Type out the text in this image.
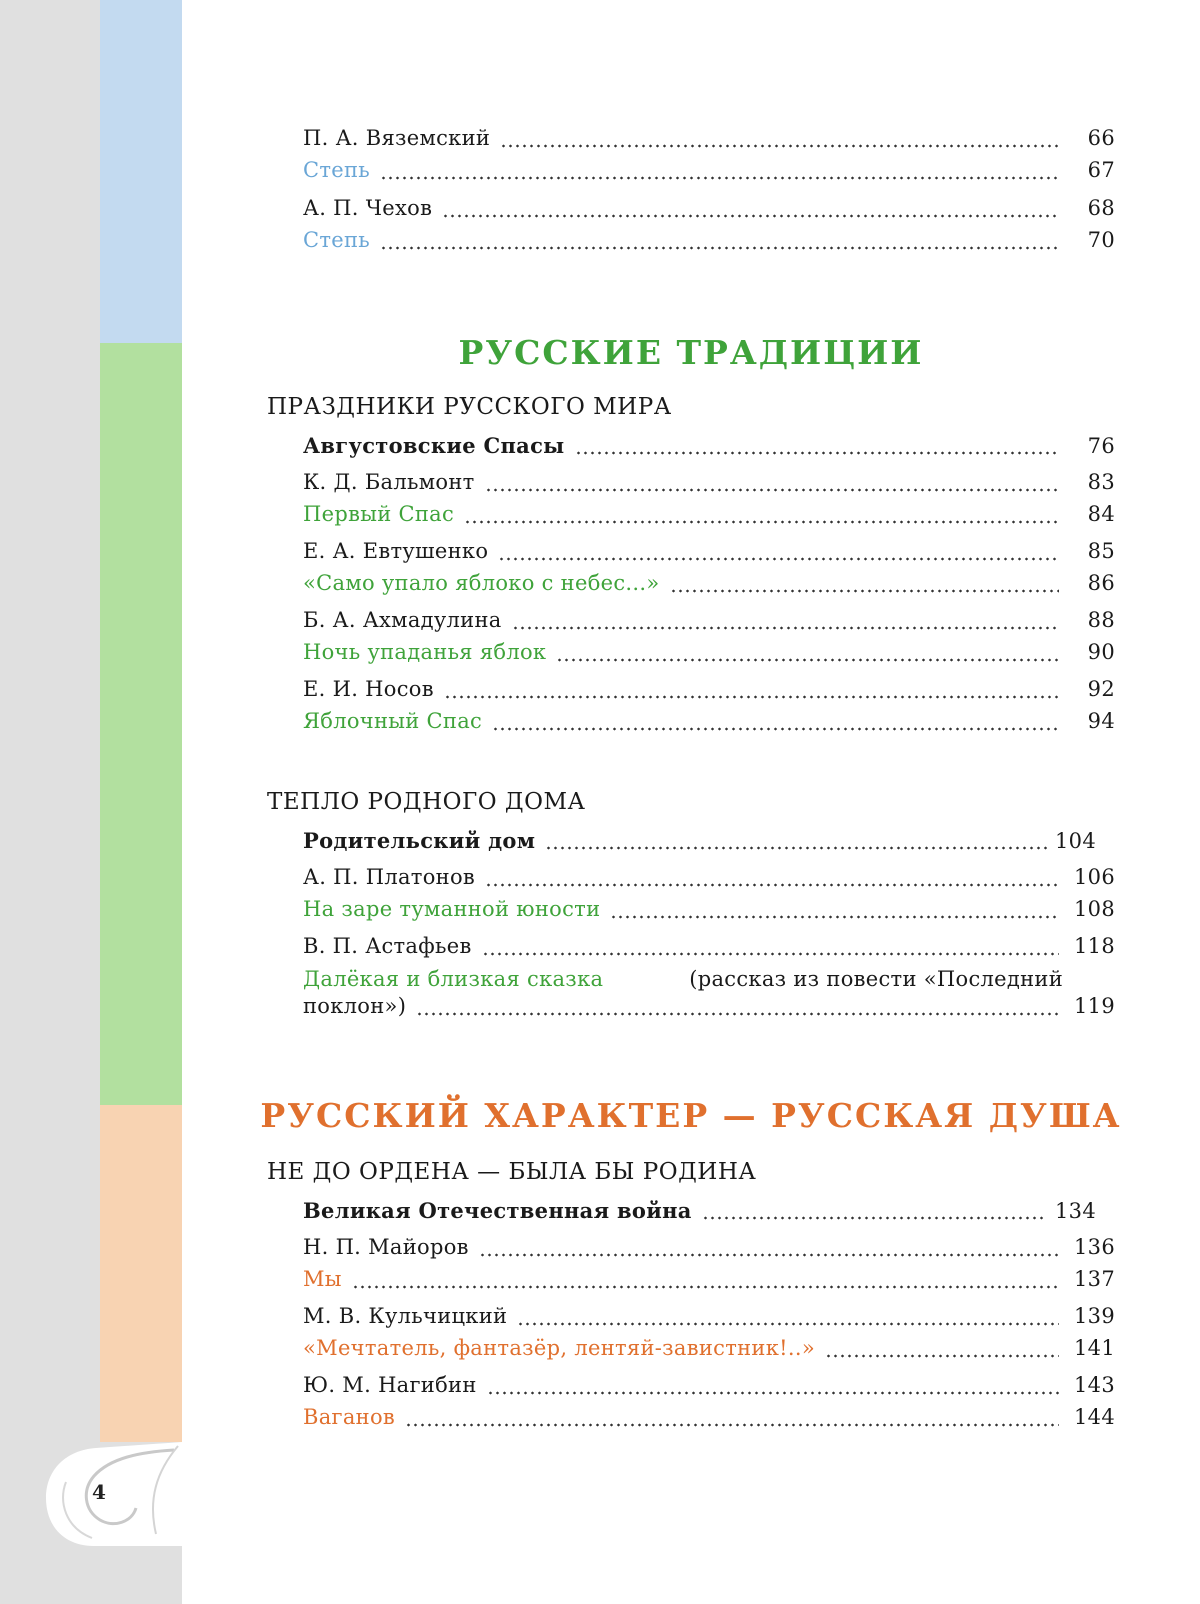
4
П. А. Вяземский	66
Степь	67
А. П. Чехов	68
Степь	70
РУССКИЕ ТРАДИЦИИ
ПРАЗДНИКИ РУССКОГО МИРА
Августовские Спасы	76
К. Д. Бальмонт	83
Первый Спас	84
Е. А. Евтушенко	85
«Само упало яблоко с небес...»	86
Б. А. Ахмадулина	88
Ночь упаданья яблок	90
Е. И. Носов	92
Яблочный Спас	94
ТЕПЛО РОДНОГО ДОМА
Родительский дом	104
А. П. Платонов	106
На заре туманной юности	108
В. П. Астафьев	118
Далёкая и близкая сказка	(рассказ из повести «Последний
поклон»)	119
РУССКИЙ ХАРАКТЕР — РУССКАЯ ДУША
НЕ ДО ОРДЕНА — БЫЛА БЫ РОДИНА
Великая Отечественная война	134
Н. П. Майоров	136
Мы	137
М. В. Кульчицкий	139
«Мечтатель, фантазёр, лентяй-завистник!..»	141
Ю. М. Нагибин	143
Ваганов	144
